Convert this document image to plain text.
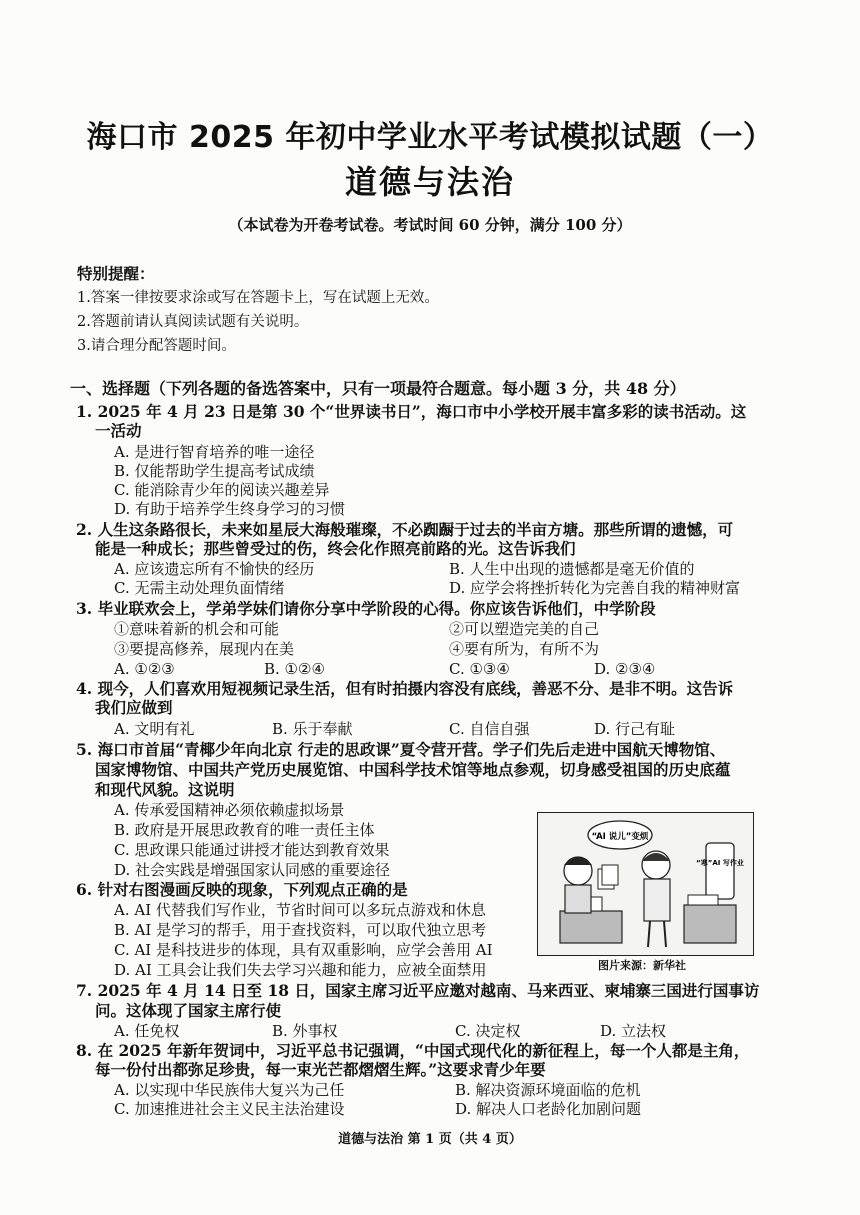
海口市 2025 年初中学业水平考试模拟试题（一）
道德与法治
（本试卷为开卷考试卷。考试时间 60 分钟，满分 100 分）
特别提醒：
1.答案一律按要求涂或写在答题卡上，写在试题上无效。
2.答题前请认真阅读试题有关说明。
3.请合理分配答题时间。
一、选择题（下列各题的备选答案中，只有一项最符合题意。每小题 3 分，共 48 分）
1. 2025 年 4 月 23 日是第 30 个“世界读书日”，海口市中小学校开展丰富多彩的读书活动。这
一活动
A. 是进行智育培养的唯一途径
B. 仅能帮助学生提高考试成绩
C. 能消除青少年的阅读兴趣差异
D. 有助于培养学生终身学习的习惯
2. 人生这条路很长，未来如星辰大海般璀璨，不必踟蹰于过去的半亩方塘。那些所谓的遗憾，可
能是一种成长；那些曾受过的伤，终会化作照亮前路的光。这告诉我们
A. 应该遗忘所有不愉快的经历	B. 人生中出现的遗憾都是毫无价值的
C. 无需主动处理负面情绪	D. 应学会将挫折转化为完善自我的精神财富
3. 毕业联欢会上，学弟学妹们请你分享中学阶段的心得。你应该告诉他们，中学阶段
①意味着新的机会和可能	②可以塑造完美的自己
③要提高修养，展现内在美	④要有所为，有所不为
A. ①②③	B. ①②④	C. ①③④	D. ②③④
4. 现今，人们喜欢用短视频记录生活，但有时拍摄内容没有底线，善恶不分、是非不明。这告诉
我们应做到
A. 文明有礼	B. 乐于奉献	C. 自信自强	D. 行己有耻
5. 海口市首届“青椰少年向北京 行走的思政课”夏令营开营。学子们先后走进中国航天博物馆、
国家博物馆、中国共产党历史展览馆、中国科学技术馆等地点参观，切身感受祖国的历史底蕴
和现代风貌。这说明
A. 传承爱国精神必须依赖虚拟场景
B. 政府是开展思政教育的唯一责任主体
C. 思政课只能通过讲授才能达到教育效果
D. 社会实践是增强国家认同感的重要途径
6. 针对右图漫画反映的现象，下列观点正确的是
A. AI 代替我们写作业，节省时间可以多玩点游戏和休息
B. AI 是学习的帮手，用于查找资料，可以取代独立思考
C. AI 是科技进步的体现，具有双重影响，应学会善用 AI
D. AI 工具会让我们失去学习兴趣和能力，应被全面禁用
“AI 说儿”变烦
“寒”AI 写作业
图片来源：新华社
7. 2025 年 4 月 14 日至 18 日，国家主席习近平应邀对越南、马来西亚、柬埔寨三国进行国事访
问。这体现了国家主席行使
A. 任免权	B. 外事权	C. 决定权	D. 立法权
8. 在 2025 年新年贺词中，习近平总书记强调，“中国式现代化的新征程上，每一个人都是主角，
每一份付出都弥足珍贵，每一束光芒都熠熠生辉。”这要求青少年要
A. 以实现中华民族伟大复兴为己任	B. 解决资源环境面临的危机
C. 加速推进社会主义民主法治建设	D. 解决人口老龄化加剧问题
道德与法治 第 1 页（共 4 页）
